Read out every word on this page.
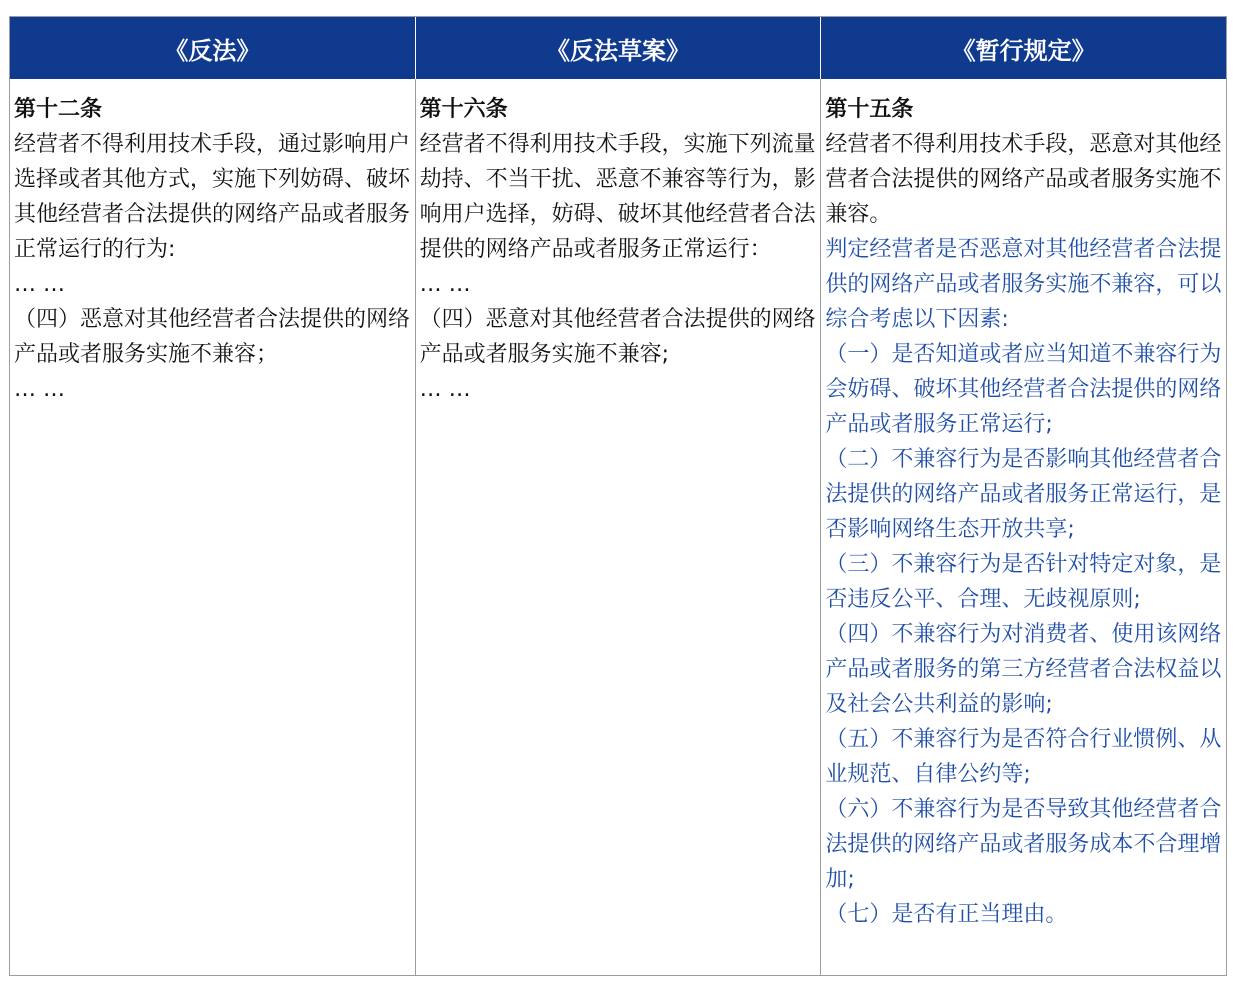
《反法》	《反法草案》	《暂行规定》
第十二条
经营者不得利用技术手段，通过影响用户选择或者其他方式，实施下列妨碍、破坏其他经营者合法提供的网络产品或者服务正常运行的行为:
… …
（四）恶意对其他经营者合法提供的网络产品或者服务实施不兼容；
… …
第十六条
经营者不得利用技术手段，实施下列流量劫持、不当干扰、恶意不兼容等行为，影响用户选择，妨碍、破坏其他经营者合法提供的网络产品或者服务正常运行：
… …
（四）恶意对其他经营者合法提供的网络产品或者服务实施不兼容;
… …
第十五条
经营者不得利用技术手段，恶意对其他经营者合法提供的网络产品或者服务实施不兼容。
判定经营者是否恶意对其他经营者合法提供的网络产品或者服务实施不兼容，可以综合考虑以下因素:
（一）是否知道或者应当知道不兼容行为会妨碍、破坏其他经营者合法提供的网络产品或者服务正常运行;
（二）不兼容行为是否影响其他经营者合法提供的网络产品或者服务正常运行，是否影响网络生态开放共享;
（三）不兼容行为是否针对特定对象，是否违反公平、合理、无歧视原则;
（四）不兼容行为对消费者、使用该网络产品或者服务的第三方经营者合法权益以及社会公共利益的影响;
（五）不兼容行为是否符合行业惯例、从业规范、自律公约等;
（六）不兼容行为是否导致其他经营者合法提供的网络产品或者服务成本不合理增加;
（七）是否有正当理由。
